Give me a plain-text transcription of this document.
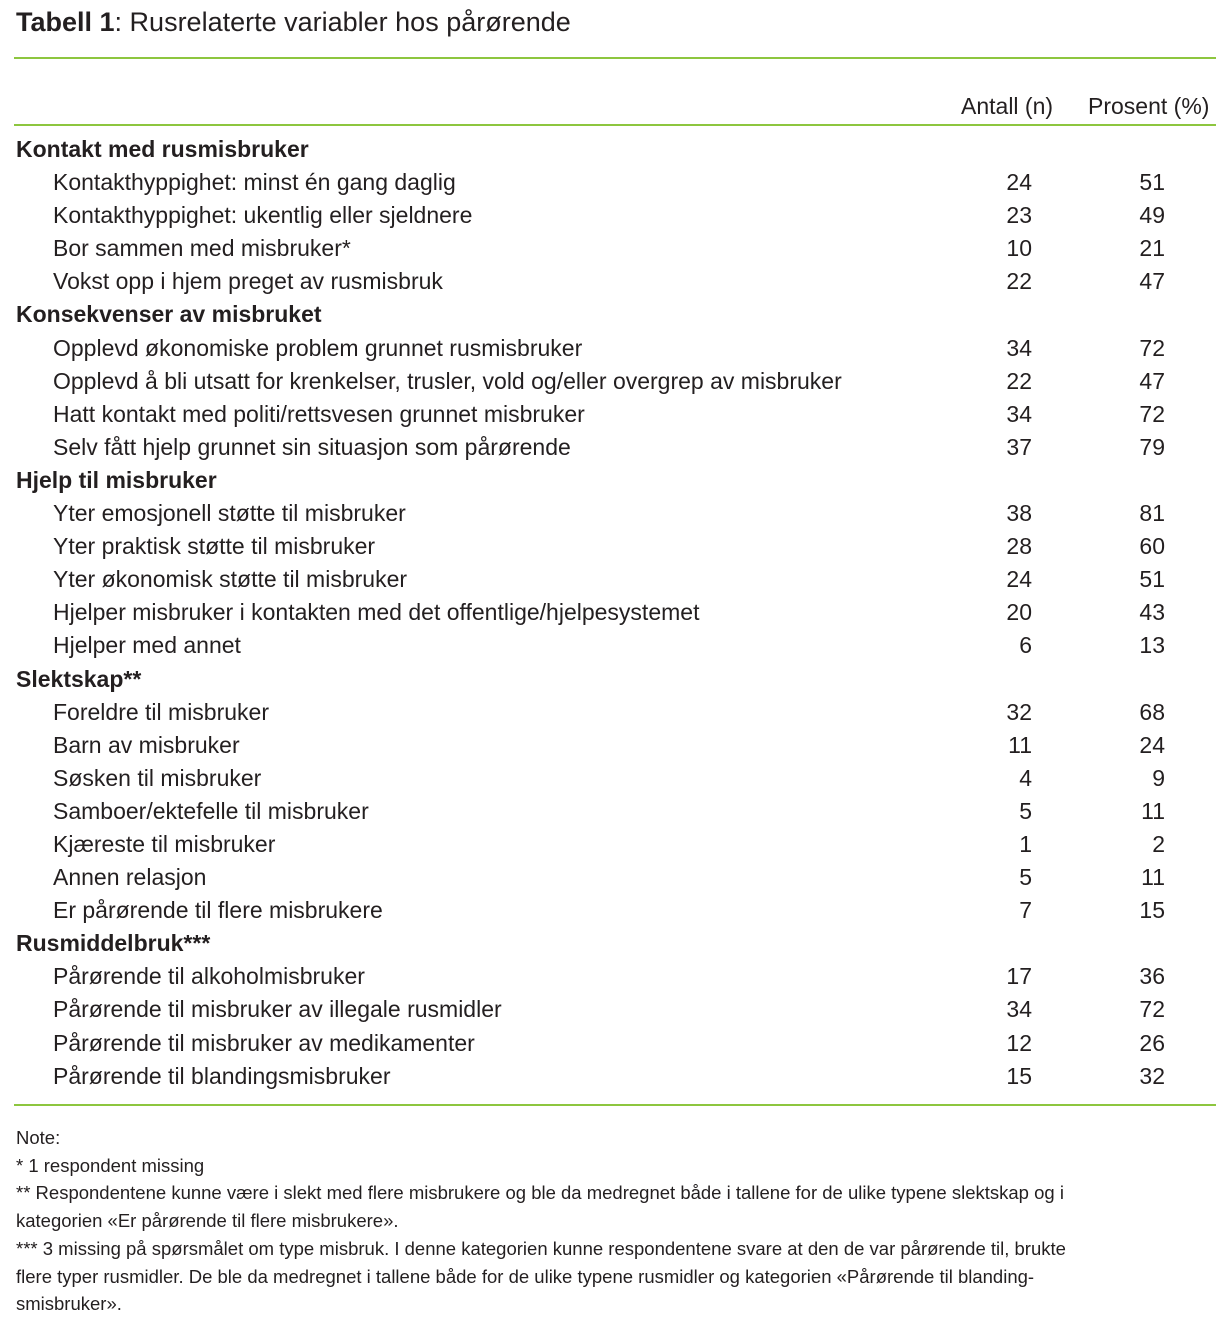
Tabell 1: Rusrelaterte variabler hos pårørende
Antall (n) Prosent (%)
Kontakt med rusmisbruker
Kontakthyppighet: minst én gang daglig	24	51
Kontakthyppighet: ukentlig eller sjeldnere	23	49
Bor sammen med misbruker*	10	21
Vokst opp i hjem preget av rusmisbruk	22	47
Konsekvenser av misbruket
Opplevd økonomiske problem grunnet rusmisbruker	34	72
Opplevd å bli utsatt for krenkelser, trusler, vold og/eller overgrep av misbruker	22	47
Hatt kontakt med politi/rettsvesen grunnet misbruker	34	72
Selv fått hjelp grunnet sin situasjon som pårørende	37	79
Hjelp til misbruker
Yter emosjonell støtte til misbruker	38	81
Yter praktisk støtte til misbruker	28	60
Yter økonomisk støtte til misbruker	24	51
Hjelper misbruker i kontakten med det offentlige/hjelpesystemet	20	43
Hjelper med annet	6	13
Slektskap**
Foreldre til misbruker	32	68
Barn av misbruker	11	24
Søsken til misbruker	4	9
Samboer/ektefelle til misbruker	5	11
Kjæreste til misbruker	1	2
Annen relasjon	5	11
Er pårørende til flere misbrukere	7	15
Rusmiddelbruk***
Pårørende til alkoholmisbruker	17	36
Pårørende til misbruker av illegale rusmidler	34	72
Pårørende til misbruker av medikamenter	12	26
Pårørende til blandingsmisbruker	15	32
Note:
* 1 respondent missing
** Respondentene kunne være i slekt med flere misbrukere og ble da medregnet både i tallene for de ulike typene slektskap og i
kategorien «Er pårørende til flere misbrukere».
*** 3 missing på spørsmålet om type misbruk. I denne kategorien kunne respondentene svare at den de var pårørende til, brukte
flere typer rusmidler. De ble da medregnet i tallene både for de ulike typene rusmidler og kategorien «Pårørende til blanding-
smisbruker».
